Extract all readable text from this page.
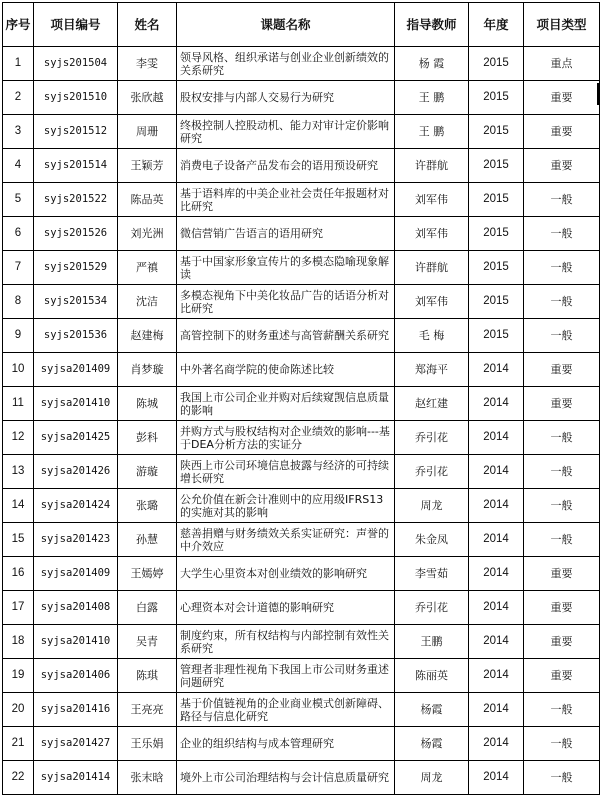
序号	项目编号	姓名	课题名称	指导教师	年度	项目类型
1	syjs201504	李雯	领导风格、组织承诺与创业企业创新绩效的关系研究	杨 霞	2015	重点
2	syjs201510	张欣越	股权安排与内部人交易行为研究	王 鹏	2015	重要
3	syjs201512	周珊	终极控制人控股动机、能力对审计定价影响研究	王 鹏	2015	重要
4	syjs201514	王颖芳	消费电子设备产品发布会的语用预设研究	许群航	2015	重要
5	syjs201522	陈品英	基于语料库的中美企业社会责任年报题材对比研究	刘军伟	2015	一般
6	syjs201526	刘光洲	微信营销广告语言的语用研究	刘军伟	2015	一般
7	syjs201529	严禛	基于中国家形象宣传片的多模态隐喻现象解读	许群航	2015	一般
8	syjs201534	沈洁	多模态视角下中美化妆品广告的话语分析对比研究	刘军伟	2015	一般
9	syjs201536	赵建梅	高管控制下的财务重述与高管薪酬关系研究	毛 梅	2015	一般
10	syjsa201409	肖梦璇	中外著名商学院的使命陈述比较	郑海平	2014	重要
11	syjsa201410	陈城	我国上市公司企业并购对后续窥觊信息质量的影响	赵红建	2014	重要
12	syjsa201425	彭科	并购方式与股权结构对企业绩效的影响---基于DEA分析方法的实证分	乔引花	2014	一般
13	syjsa201426	游璇	陕西上市公司环境信息披露与经济的可持续增长研究	乔引花	2014	一般
14	syjsa201424	张璐	公允价值在新会计准则中的应用级IFRS13的实施对其的影响	周龙	2014	一般
15	syjsa201423	孙慧	慈善捐赠与财务绩效关系实证研究：声誉的中介效应	朱金凤	2014	一般
16	syjsa201409	王嫣婷	大学生心里资本对创业绩效的影响研究	李雪茹	2014	重要
17	syjsa201408	白露	心理资本对会计道德的影响研究	乔引花	2014	重要
18	syjsa201410	吴青	制度约束，所有权结构与内部控制有效性关系研究	王鹏	2014	重要
19	syjsa201406	陈琪	管理者非理性视角下我国上市公司财务重述问题研究	陈丽英	2014	重要
20	syjsa201416	王亮亮	基于价值链视角的企业商业模式创新障碍、路径与信息化研究	杨霞	2014	一般
21	syjsa201427	王乐娟	企业的组织结构与成本管理研究	杨霞	2014	一般
22	syjsa201414	张末晗	境外上市公司治理结构与会计信息质量研究	周龙	2014	一般
